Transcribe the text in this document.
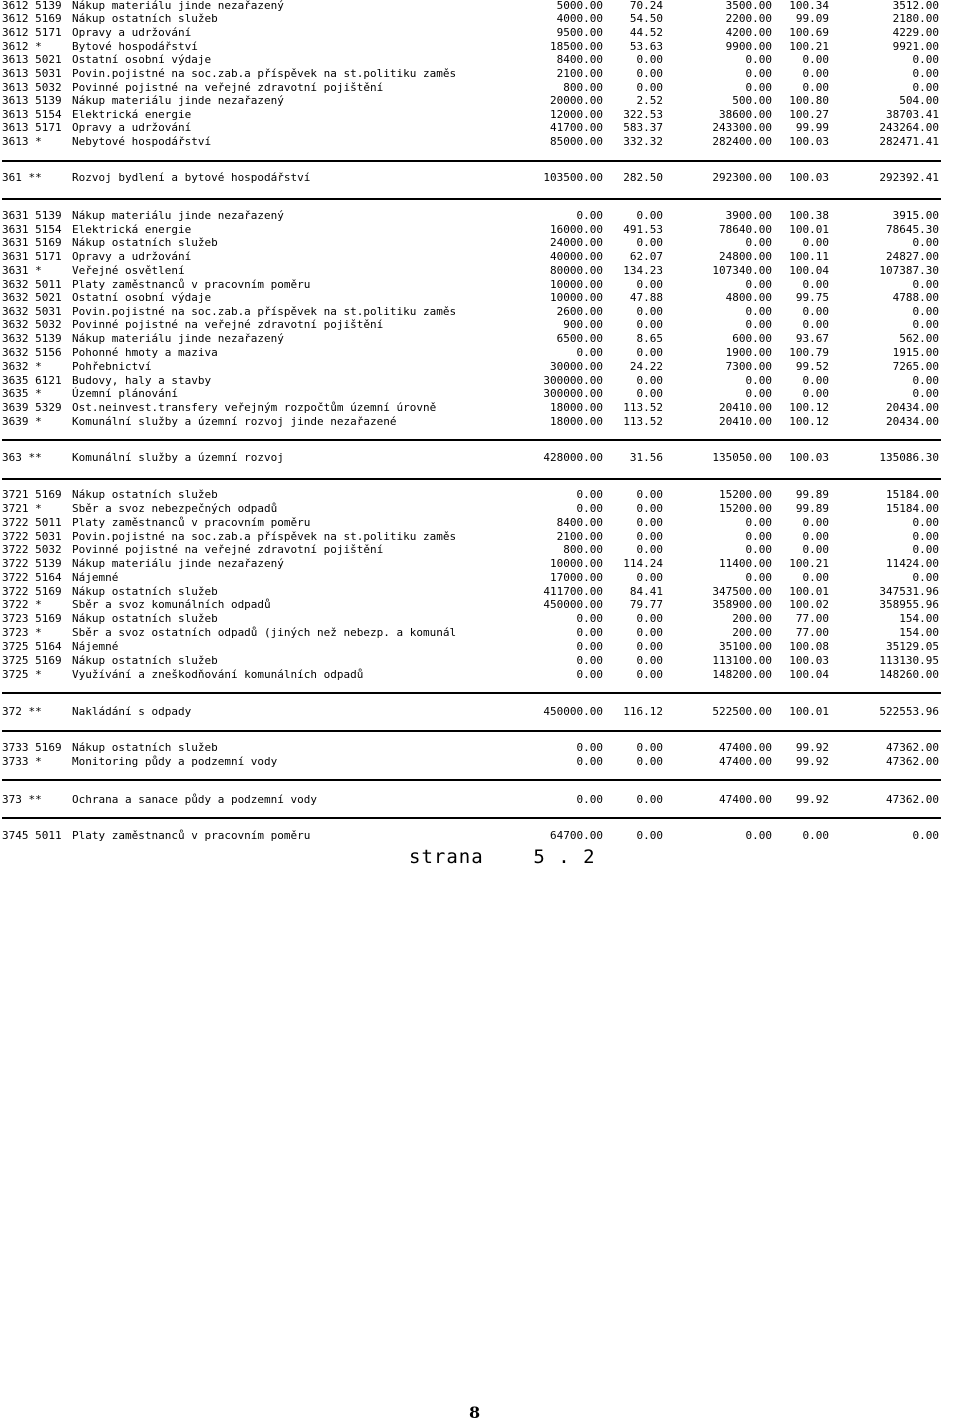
3612 5139 Nákup materiálu jinde nezařazený	5000.00 70.24	3500.00 100.34	3512.00
3612 5169 Nákup ostatních služeb	4000.00 54.50	2200.00 99.09	2180.00
3612 5171 Opravy a udržování	9500.00 44.52	4200.00 100.69	4229.00
3612 *	Bytové hospodářství	18500.00 53.63	9900.00 100.21	9921.00
3613 5021 Ostatní osobní výdaje	8400.00	0.00	0.00	0.00	0.00
3613 5031 Povin.pojistné na soc.zab.a příspěvek na st.politiku zaměs	2100.00	0.00	0.00	0.00	0.00
3613 5032 Povinné pojistné na veřejné zdravotní pojištění	800.00	0.00	0.00	0.00	0.00
3613 5139 Nákup materiálu jinde nezařazený	20000.00	2.52	500.00 100.80	504.00
3613 5154 Elektrická energie	12000.00 322.53	38600.00 100.27	38703.41
3613 5171 Opravy a udržování	41700.00 583.37	243300.00 99.99	243264.00
3613 *	Nebytové hospodářství	85000.00 332.32	282400.00 100.03	282471.41
361 **	Rozvoj bydlení a bytové hospodářství	103500.00 282.50	292300.00 100.03	292392.41
3631 5139 Nákup materiálu jinde nezařazený	0.00	0.00	3900.00 100.38	3915.00
3631 5154 Elektrická energie	16000.00 491.53	78640.00 100.01	78645.30
3631 5169 Nákup ostatních služeb	24000.00	0.00	0.00	0.00	0.00
3631 5171 Opravy a udržování	40000.00 62.07	24800.00 100.11	24827.00
3631 *	Veřejné osvětlení	80000.00 134.23	107340.00 100.04	107387.30
3632 5011 Platy zaměstnanců v pracovním poměru	10000.00	0.00	0.00	0.00	0.00
3632 5021 Ostatní osobní výdaje	10000.00 47.88	4800.00 99.75	4788.00
3632 5031 Povin.pojistné na soc.zab.a příspěvek na st.politiku zaměs	2600.00	0.00	0.00	0.00	0.00
3632 5032 Povinné pojistné na veřejné zdravotní pojištění	900.00	0.00	0.00	0.00	0.00
3632 5139 Nákup materiálu jinde nezařazený	6500.00	8.65	600.00 93.67	562.00
3632 5156 Pohonné hmoty a maziva	0.00	0.00	1900.00 100.79	1915.00
3632 *	Pohřebnictví	30000.00 24.22	7300.00 99.52	7265.00
3635 6121 Budovy, haly a stavby	300000.00	0.00	0.00	0.00	0.00
3635 *	Územní plánování	300000.00	0.00	0.00	0.00	0.00
3639 5329 Ost.neinvest.transfery veřejným rozpočtům územní úrovně	18000.00 113.52	20410.00 100.12	20434.00
3639 *	Komunální služby a územní rozvoj jinde nezařazené	18000.00 113.52	20410.00 100.12	20434.00
363 **	Komunální služby a územní rozvoj	428000.00 31.56	135050.00 100.03	135086.30
3721 5169 Nákup ostatních služeb	0.00	0.00	15200.00 99.89	15184.00
3721 *	Sběr a svoz nebezpečných odpadů	0.00	0.00	15200.00 99.89	15184.00
3722 5011 Platy zaměstnanců v pracovním poměru	8400.00	0.00	0.00	0.00	0.00
3722 5031 Povin.pojistné na soc.zab.a příspěvek na st.politiku zaměs	2100.00	0.00	0.00	0.00	0.00
3722 5032 Povinné pojistné na veřejné zdravotní pojištění	800.00	0.00	0.00	0.00	0.00
3722 5139 Nákup materiálu jinde nezařazený	10000.00 114.24	11400.00 100.21	11424.00
3722 5164 Nájemné	17000.00	0.00	0.00	0.00	0.00
3722 5169 Nákup ostatních služeb	411700.00 84.41	347500.00 100.01	347531.96
3722 *	Sběr a svoz komunálních odpadů	450000.00 79.77	358900.00 100.02	358955.96
3723 5169 Nákup ostatních služeb	0.00	0.00	200.00 77.00	154.00
3723 *	Sběr a svoz ostatních odpadů (jiných než nebezp. a komunál	0.00	0.00	200.00 77.00	154.00
3725 5164 Nájemné	0.00	0.00	35100.00 100.08	35129.05
3725 5169 Nákup ostatních služeb	0.00	0.00	113100.00 100.03	113130.95
3725 *	Využívání a zneškodňování komunálních odpadů	0.00	0.00	148200.00 100.04	148260.00
372 **	Nakládání s odpady	450000.00 116.12	522500.00 100.01	522553.96
3733 5169 Nákup ostatních služeb	0.00	0.00	47400.00 99.92	47362.00
3733 *	Monitoring půdy a podzemní vody	0.00	0.00	47400.00 99.92	47362.00
373 **	Ochrana a sanace půdy a podzemní vody	0.00	0.00	47400.00 99.92	47362.00
3745 5011 Platy zaměstnanců v pracovním poměru	64700.00	0.00	0.00	0.00	0.00
strana	5 . 2
8
